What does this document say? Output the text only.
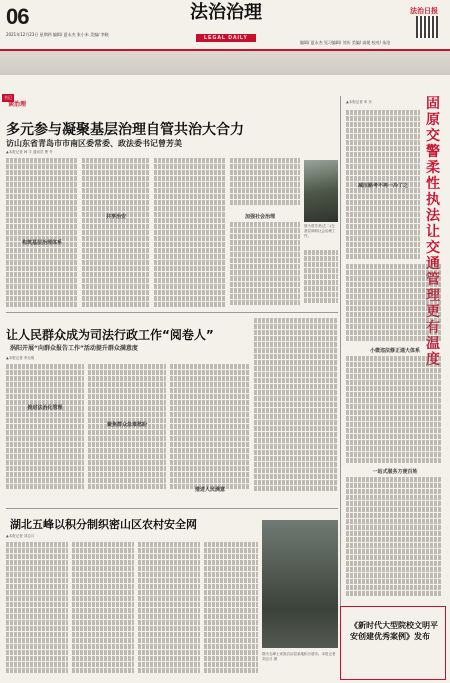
06
2021年12月23日 星期四 编辑/ 夏永杰 张小米 美编/ 李晓
法治治理
LEGAL DAILY
编辑/ 夏永杰 见习编辑/ 刘庆 美编/ 高媛 校对/ 朱沧
法治日报
书记
谈治理
多元参与凝聚基层治理自管共治大合力
访山东省青岛市市南区委常委、政法委书记曾芳美
▲本报记者 韩 宇 通讯员 曹 升
构筑基层治理体系
共享治安	加强社会治理
图为曾芳美(左二)在基层调研社会治理工作。
▲本报记者 申 东	固原交警柔性执法让交通管理更有温度
减压路考不再一冷了之
小微违法修正通大体系
一站式服务方便百姓
《新时代大型院校文明平安创建优秀案例》发布
让人民群众成为司法行政工作“阅卷人”
涡阳开展“向群众报告工作”活动提升群众满意度
▲本报记者 李光明
推进法治化管理
聚焦群众急难愁盼
推进人民满意
湖北五峰以积分制织密山区农村安全网
▲本报记者 刘志月
图为五峰土家族自治县某地积分超市。本报记者 刘志月 摄
